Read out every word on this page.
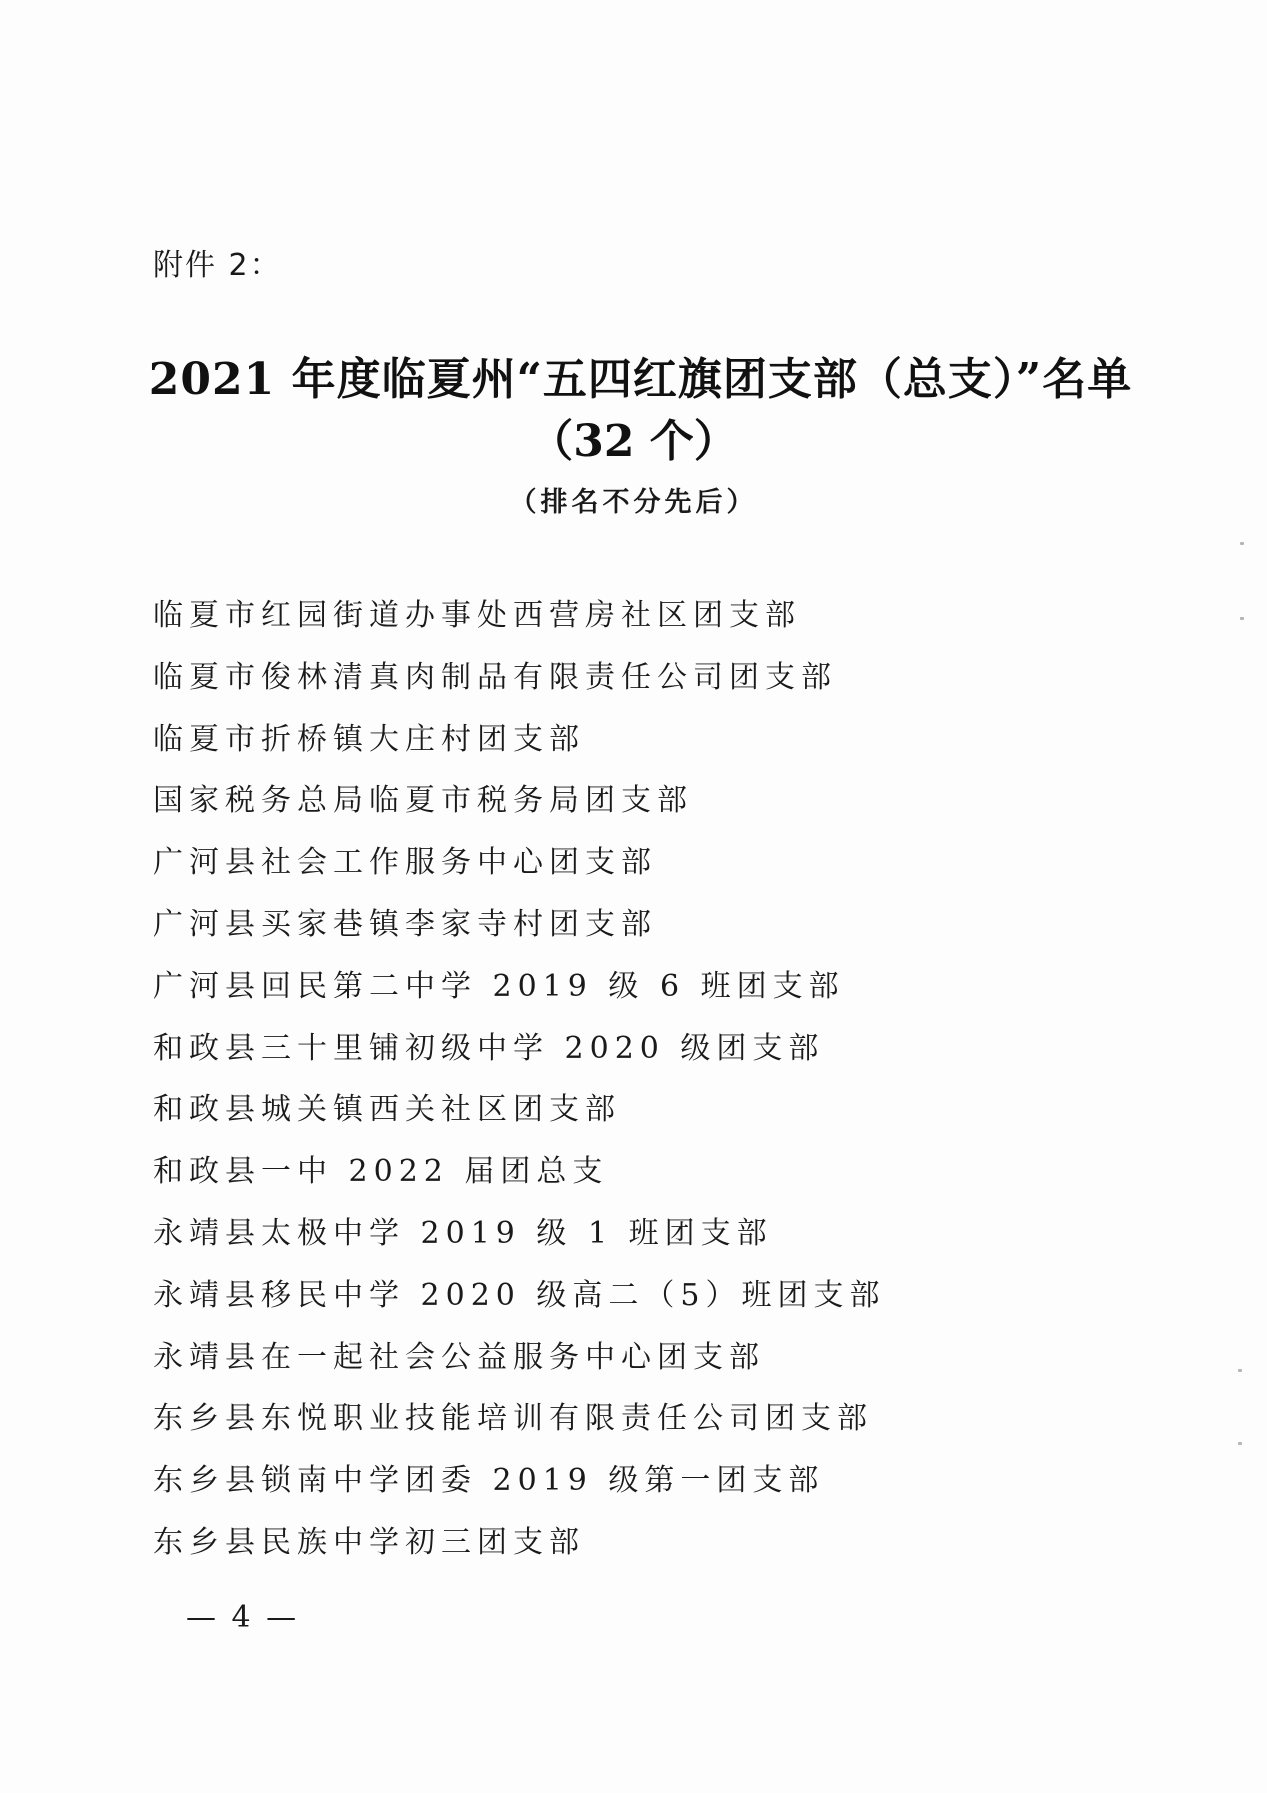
附件 2：
2021 年度临夏州“五四红旗团支部（总支）”名单
（32 个）
（排名不分先后）
临夏市红园街道办事处西营房社区团支部
临夏市俊林清真肉制品有限责任公司团支部
临夏市折桥镇大庄村团支部
国家税务总局临夏市税务局团支部
广河县社会工作服务中心团支部
广河县买家巷镇李家寺村团支部
广河县回民第二中学 2019 级 6 班团支部
和政县三十里铺初级中学 2020 级团支部
和政县城关镇西关社区团支部
和政县一中 2022 届团总支
永靖县太极中学 2019 级 1 班团支部
永靖县移民中学 2020 级高二（5）班团支部
永靖县在一起社会公益服务中心团支部
东乡县东悦职业技能培训有限责任公司团支部
东乡县锁南中学团委 2019 级第一团支部
东乡县民族中学初三团支部
— 4 —
